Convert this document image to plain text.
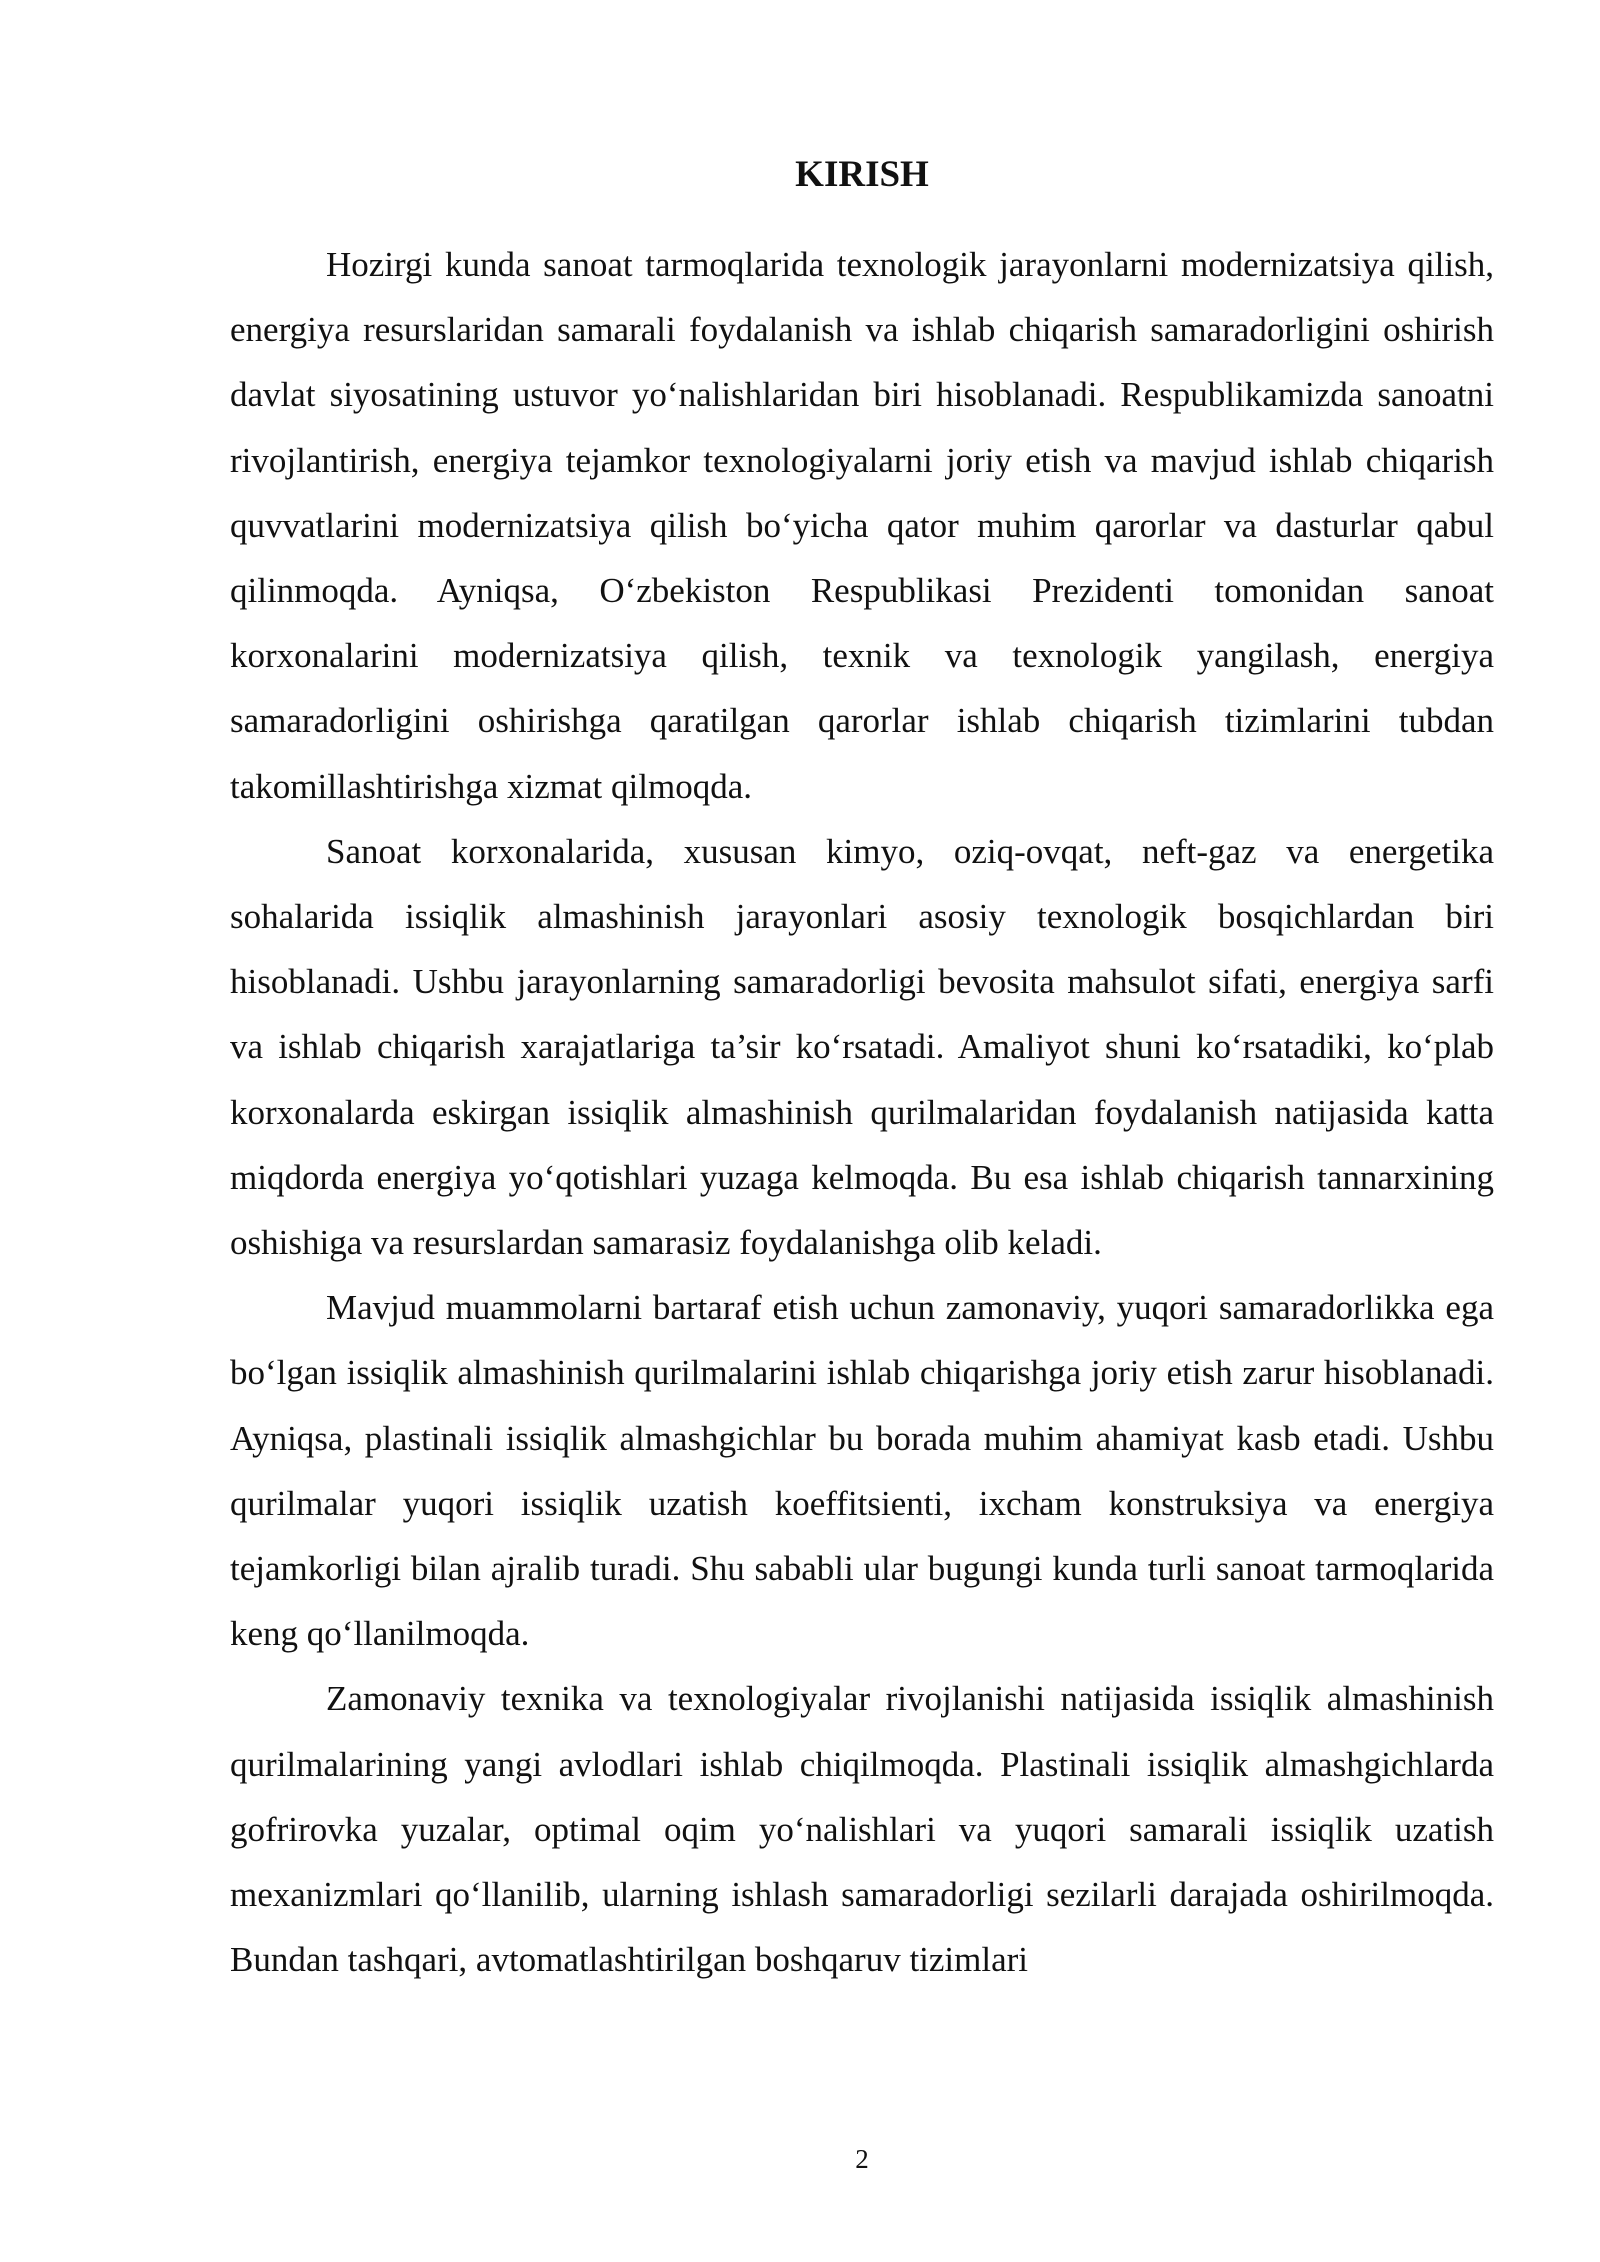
KIRISH

Hozirgi kunda sanoat tarmoqlarida texnologik jarayonlarni modernizatsiya qilish, energiya resurslaridan samarali foydalanish va ishlab chiqarish samaradorligini oshirish davlat siyosatining ustuvor yo‘nalishlaridan biri hisoblanadi. Respublikamizda sanoatni rivojlantirish, energiya tejamkor texnologiyalarni joriy etish va mavjud ishlab chiqarish quvvatlarini modernizatsiya qilish bo‘yicha qator muhim qarorlar va dasturlar qabul qilinmoqda. Ayniqsa, O‘zbekiston Respublikasi Prezidenti tomonidan sanoat korxonalarini modernizatsiya qilish, texnik va texnologik yangilash, energiya samaradorligini oshirishga qaratilgan qarorlar ishlab chiqarish tizimlarini tubdan takomillashtirishga xizmat qilmoqda.

Sanoat korxonalarida, xususan kimyo, oziq-ovqat, neft-gaz va energetika sohalarida issiqlik almashinish jarayonlari asosiy texnologik bosqichlardan biri hisoblanadi. Ushbu jarayonlarning samaradorligi bevosita mahsulot sifati, energiya sarfi va ishlab chiqarish xarajatlariga ta’sir ko‘rsatadi. Amaliyot shuni ko‘rsatadiki, ko‘plab korxonalarda eskirgan issiqlik almashinish qurilmalaridan foydalanish natijasida katta miqdorda energiya yo‘qotishlari yuzaga kelmoqda. Bu esa ishlab chiqarish tannarxining oshishiga va resurslardan samarasiz foydalanishga olib keladi.

Mavjud muammolarni bartaraf etish uchun zamonaviy, yuqori samaradorlikka ega bo‘lgan issiqlik almashinish qurilmalarini ishlab chiqarishga joriy etish zarur hisoblanadi. Ayniqsa, plastinali issiqlik almashgichlar bu borada muhim ahamiyat kasb etadi. Ushbu qurilmalar yuqori issiqlik uzatish koeffitsienti, ixcham konstruksiya va energiya tejamkorligi bilan ajralib turadi. Shu sababli ular bugungi kunda turli sanoat tarmoqlarida keng qo‘llanilmoqda.

Zamonaviy texnika va texnologiyalar rivojlanishi natijasida issiqlik almashinish qurilmalarining yangi avlodlari ishlab chiqilmoqda. Plastinali issiqlik almashgichlarda gofrirovka yuzalar, optimal oqim yo‘nalishlari va yuqori samarali issiqlik uzatish mexanizmlari qo‘llanilib, ularning ishlash samaradorligi sezilarli darajada oshirilmoqda. Bundan tashqari, avtomatlashtirilgan boshqaruv tizimlari

2
